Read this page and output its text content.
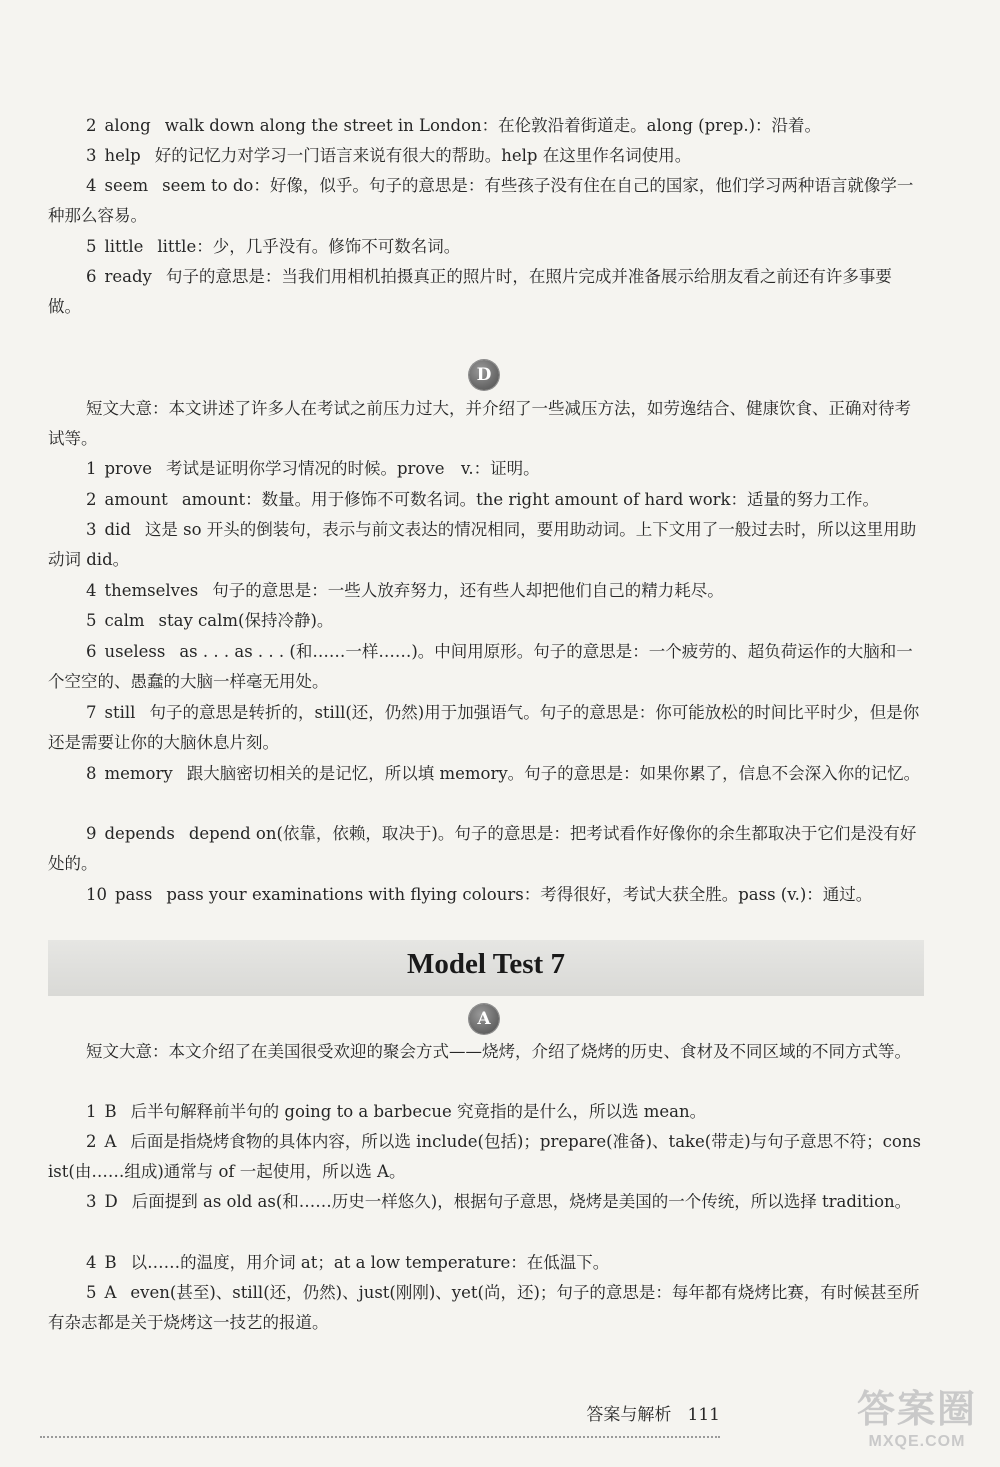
2 along walk down along the street in London：在伦敦沿着街道走。along (prep.)：沿着。
3 help 好的记忆力对学习一门语言来说有很大的帮助。help 在这里作名词使用。
4 seem seem to do：好像，似乎。句子的意思是：有些孩子没有住在自己的国家，他们学习两种语言就像学一种那么容易。
5 little little：少，几乎没有。修饰不可数名词。
6 ready 句子的意思是：当我们用相机拍摄真正的照片时，在照片完成并准备展示给朋友看之前还有许多事要做。
D
短文大意：本文讲述了许多人在考试之前压力过大，并介绍了一些减压方法，如劳逸结合、健康饮食、正确对待考试等。
1 prove 考试是证明你学习情况的时候。prove　v.：证明。
2 amount amount：数量。用于修饰不可数名词。the right amount of hard work：适量的努力工作。
3 did 这是 so 开头的倒装句，表示与前文表达的情况相同，要用助动词。上下文用了一般过去时，所以这里用助动词 did。
4 themselves 句子的意思是：一些人放弃努力，还有些人却把他们自己的精力耗尽。
5 calm stay calm(保持冷静)。
6 useless as . . . as . . . (和……一样……)。中间用原形。句子的意思是：一个疲劳的、超负荷运作的大脑和一个空空的、愚蠢的大脑一样毫无用处。
7 still 句子的意思是转折的，still(还，仍然)用于加强语气。句子的意思是：你可能放松的时间比平时少，但是你还是需要让你的大脑休息片刻。
8 memory 跟大脑密切相关的是记忆，所以填 memory。句子的意思是：如果你累了，信息不会深入你的记忆。
9 depends depend on(依靠，依赖，取决于)。句子的意思是：把考试看作好像你的余生都取决于它们是没有好处的。
10 pass pass your examinations with flying colours：考得很好，考试大获全胜。pass (v.)：通过。
Model Test 7
A
短文大意：本文介绍了在美国很受欢迎的聚会方式——烧烤，介绍了烧烤的历史、食材及不同区域的不同方式等。
1 B 后半句解释前半句的 going to a barbecue 究竟指的是什么，所以选 mean。
2 A 后面是指烧烤食物的具体内容，所以选 include(包括)；prepare(准备)、take(带走)与句子意思不符；consist(由……组成)通常与 of 一起使用，所以选 A。
3 D 后面提到 as old as(和……历史一样悠久)，根据句子意思，烧烤是美国的一个传统，所以选择 tradition。
4 B 以……的温度，用介词 at；at a low temperature：在低温下。
5 A even(甚至)、still(还，仍然)、just(刚刚)、yet(尚，还)；句子的意思是：每年都有烧烤比赛，有时候甚至所有杂志都是关于烧烤这一技艺的报道。
答案与解析 111	答案圈
MXQE.COM
